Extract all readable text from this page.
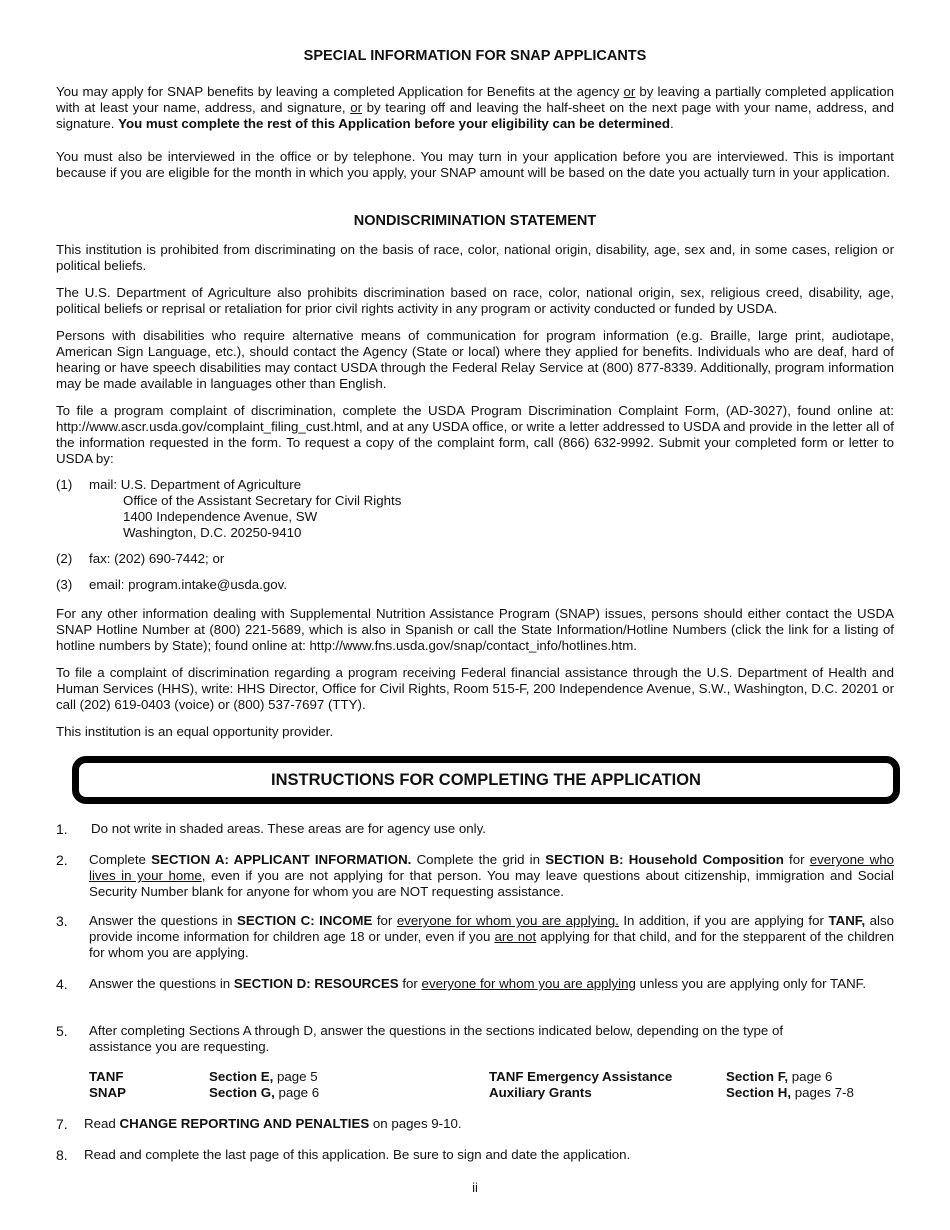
SPECIAL INFORMATION FOR SNAP APPLICANTS

You may apply for SNAP benefits by leaving a completed Application for Benefits at the agency or by leaving a partially completed application with at least your name, address, and signature, or by tearing off and leaving the half-sheet on the next page with your name, address, and signature. You must complete the rest of this Application before your eligibility can be determined.

You must also be interviewed in the office or by telephone. You may turn in your application before you are interviewed. This is important because if you are eligible for the month in which you apply, your SNAP amount will be based on the date you actually turn in your application.

NONDISCRIMINATION STATEMENT

This institution is prohibited from discriminating on the basis of race, color, national origin, disability, age, sex and, in some cases, religion or political beliefs.

The U.S. Department of Agriculture also prohibits discrimination based on race, color, national origin, sex, religious creed, disability, age, political beliefs or reprisal or retaliation for prior civil rights activity in any program or activity conducted or funded by USDA.

Persons with disabilities who require alternative means of communication for program information (e.g. Braille, large print, audiotape, American Sign Language, etc.), should contact the Agency (State or local) where they applied for benefits. Individuals who are deaf, hard of hearing or have speech disabilities may contact USDA through the Federal Relay Service at (800) 877-8339. Additionally, program information may be made available in languages other than English.

To file a program complaint of discrimination, complete the USDA Program Discrimination Complaint Form, (AD-3027), found online at: http://www.ascr.usda.gov/complaint_filing_cust.html, and at any USDA office, or write a letter addressed to USDA and provide in the letter all of the information requested in the form. To request a copy of the complaint form, call (866) 632-9992. Submit your completed form or letter to USDA by:

(1) mail: U.S. Department of Agriculture
Office of the Assistant Secretary for Civil Rights
1400 Independence Avenue, SW
Washington, D.C. 20250-9410
(2) fax: (202) 690-7442; or
(3) email: program.intake@usda.gov.

For any other information dealing with Supplemental Nutrition Assistance Program (SNAP) issues, persons should either contact the USDA SNAP Hotline Number at (800) 221-5689, which is also in Spanish or call the State Information/Hotline Numbers (click the link for a listing of hotline numbers by State); found online at: http://www.fns.usda.gov/snap/contact_info/hotlines.htm.

To file a complaint of discrimination regarding a program receiving Federal financial assistance through the U.S. Department of Health and Human Services (HHS), write: HHS Director, Office for Civil Rights, Room 515-F, 200 Independence Avenue, S.W., Washington, D.C. 20201 or call (202) 619-0403 (voice) or (800) 537-7697 (TTY).

This institution is an equal opportunity provider.

INSTRUCTIONS FOR COMPLETING THE APPLICATION
1. Do not write in shaded areas. These areas are for agency use only.
2. Complete SECTION A: APPLICANT INFORMATION. Complete the grid in SECTION B: Household Composition for everyone who lives in your home, even if you are not applying for that person. You may leave questions about citizenship, immigration and Social Security Number blank for anyone for whom you are NOT requesting assistance.
3. Answer the questions in SECTION C: INCOME for everyone for whom you are applying. In addition, if you are applying for TANF, also provide income information for children age 18 or under, even if you are not applying for that child, and for the stepparent of the children for whom you are applying.
4. Answer the questions in SECTION D: RESOURCES for everyone for whom you are applying unless you are applying only for TANF.
5. After completing Sections A through D, answer the questions in the sections indicated below, depending on the type of assistance you are requesting.
TANF	Section E, page 5	TANF Emergency Assistance	Section F, page 6
SNAP	Section G, page 6	Auxiliary Grants	Section H, pages 7-8
7. Read CHANGE REPORTING AND PENALTIES on pages 9-10.
8. Read and complete the last page of this application. Be sure to sign and date the application.
ii
